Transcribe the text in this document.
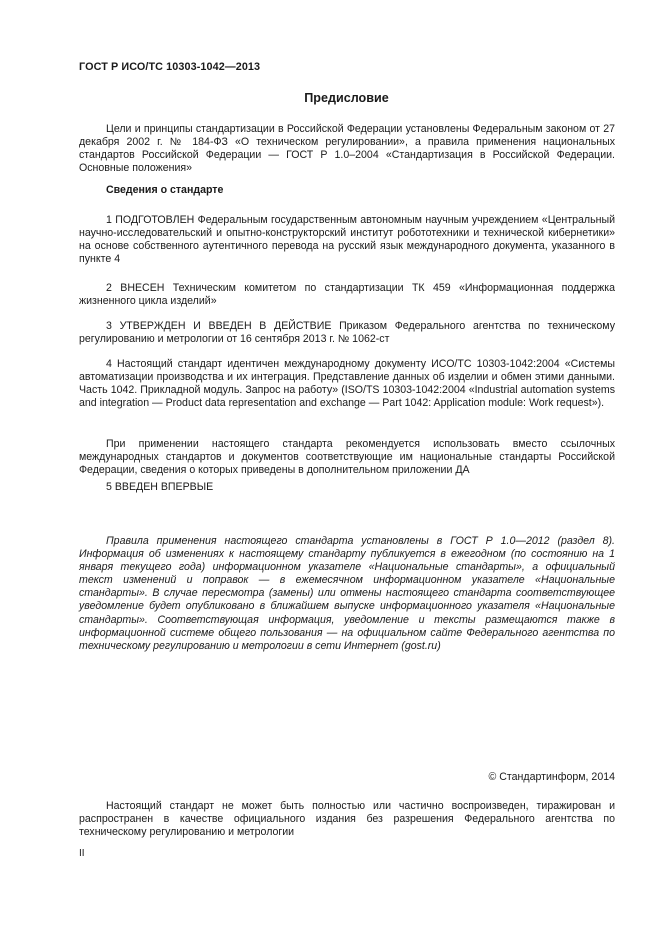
ГОСТ Р ИСО/ТС 10303-1042—2013
Предисловие

Цели и принципы стандартизации в Российской Федерации установлены Федеральным законом от 27 декабря 2002 г. № 184-ФЗ «О техническом регулировании», а правила применения национальных стандартов Российской Федерации — ГОСТ Р 1.0–2004 «Стандартизация в Российской Федерации. Основные положения»

Сведения о стандарте

1 ПОДГОТОВЛЕН Федеральным государственным автономным научным учреждением «Центральный научно-исследовательский и опытно-конструкторский институт робототехники и технической кибернетики» на основе собственного аутентичного перевода на русский язык международного документа, указанного в пункте 4

2 ВНЕСЕН Техническим комитетом по стандартизации ТК 459 «Информационная поддержка жизненного цикла изделий»

3 УТВЕРЖДЕН И ВВЕДЕН В ДЕЙСТВИЕ Приказом Федерального агентства по техническому регулированию и метрологии от 16 сентября 2013 г. № 1062-ст

4 Настоящий стандарт идентичен международному документу ИСО/ТС 10303-1042:2004 «Системы автоматизации производства и их интеграция. Представление данных об изделии и обмен этими данными. Часть 1042. Прикладной модуль. Запрос на работу» (ISO/TS 10303-1042:2004 «Industrial automation systems and integration — Product data representation and exchange — Part 1042: Application module: Work request»).

При применении настоящего стандарта рекомендуется использовать вместо ссылочных международных стандартов и документов соответствующие им национальные стандарты Российской Федерации, сведения о которых приведены в дополнительном приложении ДА

5 ВВЕДЕН ВПЕРВЫЕ

Правила применения настоящего стандарта установлены в ГОСТ Р 1.0—2012 (раздел 8). Информация об изменениях к настоящему стандарту публикуется в ежегодном (по состоянию на 1 января текущего года) информационном указателе «Национальные стандарты», а официальный текст изменений и поправок — в ежемесячном информационном указателе «Национальные стандарты». В случае пересмотра (замены) или отмены настоящего стандарта соответствующее уведомление будет опубликовано в ближайшем выпуске информационного указателя «Национальные стандарты». Соответствующая информация, уведомление и тексты размещаются также в информационной системе общего пользования — на официальном сайте Федерального агентства по техническому регулированию и метрологии в сети Интернет (gost.ru)

© Стандартинформ, 2014

Настоящий стандарт не может быть полностью или частично воспроизведен, тиражирован и распространен в качестве официального издания без разрешения Федерального агентства по техническому регулированию и метрологии

II
